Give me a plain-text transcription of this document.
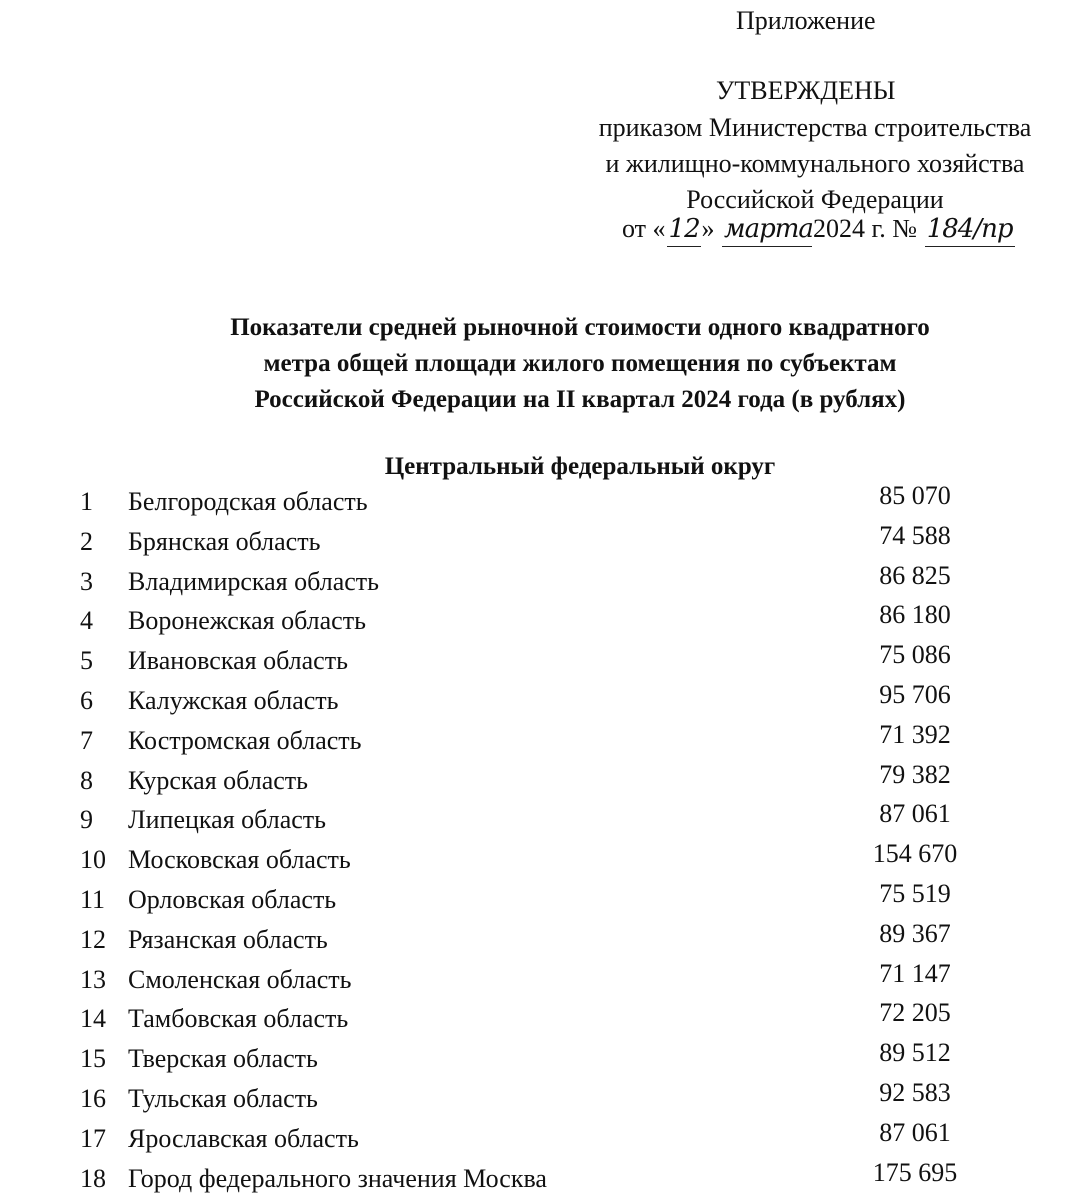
Приложение
УТВЕРЖДЕНЫ
приказом Министерства строительства
и жилищно-коммунального хозяйства
Российской Федерации
от « 12» марта2024 г. № 184/пр
Показатели средней рыночной стоимости одного квадратного
метра общей площади жилого помещения по субъектам
Российской Федерации на II квартал 2024 года (в рублях)
Центральный федеральный округ
1	Белгородская область	85 070
2	Брянская область	74 588
3	Владимирская область	86 825
4	Воронежская область	86 180
5	Ивановская область	75 086
6	Калужская область	95 706
7	Костромская область	71 392
8	Курская область	79 382
9	Липецкая область	87 061
10 Московская область	154 670
11 Орловская область	75 519
12 Рязанская область	89 367
13 Смоленская область	71 147
14 Тамбовская область	72 205
15 Тверская область	89 512
16 Тульская область	92 583
17 Ярославская область	87 061
18 Город федерального значения Москва	175 695
